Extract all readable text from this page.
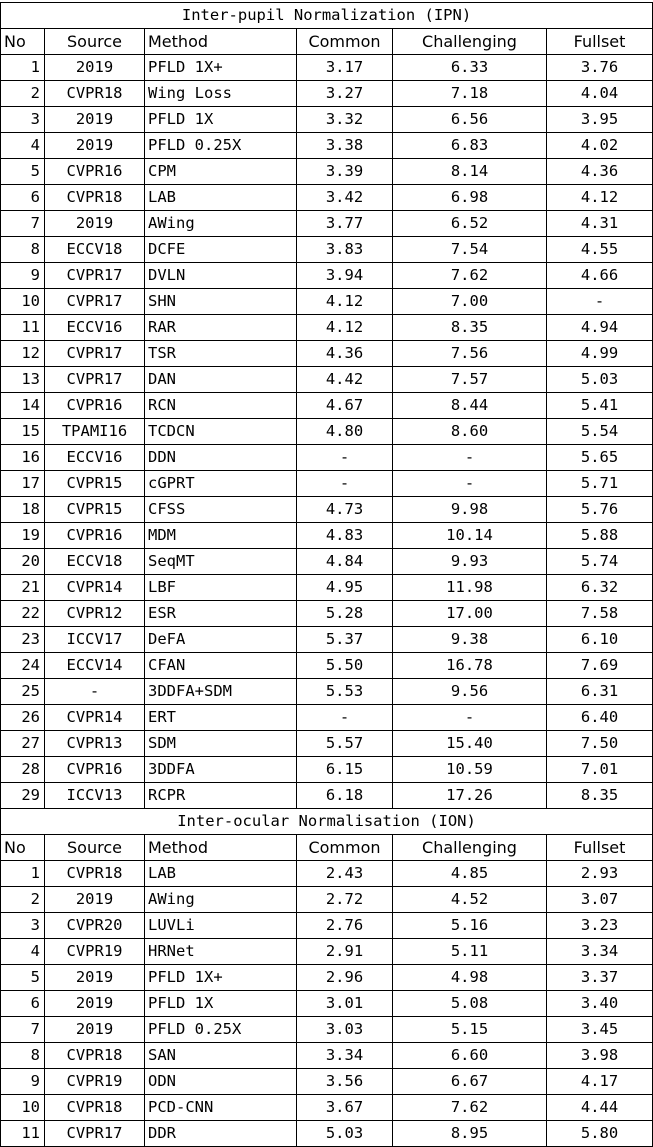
Inter-pupil Normalization (IPN)					
No	Source	Method	Common	Challenging	Fullset
1	2019	PFLD 1X+	3.17	6.33	3.76
2	CVPR18	Wing Loss	3.27	7.18	4.04
3	2019	PFLD 1X	3.32	6.56	3.95
4	2019	PFLD 0.25X	3.38	6.83	4.02
5	CVPR16	CPM	3.39	8.14	4.36
6	CVPR18	LAB	3.42	6.98	4.12
7	2019	AWing	3.77	6.52	4.31
8	ECCV18	DCFE	3.83	7.54	4.55
9	CVPR17	DVLN	3.94	7.62	4.66
10	CVPR17	SHN	4.12	7.00	-
11	ECCV16	RAR	4.12	8.35	4.94
12	CVPR17	TSR	4.36	7.56	4.99
13	CVPR17	DAN	4.42	7.57	5.03
14	CVPR16	RCN	4.67	8.44	5.41
15	TPAMI16	TCDCN	4.80	8.60	5.54
16	ECCV16	DDN	-	-	5.65
17	CVPR15	cGPRT	-	-	5.71
18	CVPR15	CFSS	4.73	9.98	5.76
19	CVPR16	MDM	4.83	10.14	5.88
20	ECCV18	SeqMT	4.84	9.93	5.74
21	CVPR14	LBF	4.95	11.98	6.32
22	CVPR12	ESR	5.28	17.00	7.58
23	ICCV17	DeFA	5.37	9.38	6.10
24	ECCV14	CFAN	5.50	16.78	7.69
25	-	3DDFA+SDM	5.53	9.56	6.31
26	CVPR14	ERT	-	-	6.40
27	CVPR13	SDM	5.57	15.40	7.50
28	CVPR16	3DDFA	6.15	10.59	7.01
29	ICCV13	RCPR	6.18	17.26	8.35
Inter-ocular Normalisation (ION)					
No	Source	Method	Common	Challenging	Fullset
1	CVPR18	LAB	2.43	4.85	2.93
2	2019	AWing	2.72	4.52	3.07
3	CVPR20	LUVLi	2.76	5.16	3.23
4	CVPR19	HRNet	2.91	5.11	3.34
5	2019	PFLD 1X+	2.96	4.98	3.37
6	2019	PFLD 1X	3.01	5.08	3.40
7	2019	PFLD 0.25X	3.03	5.15	3.45
8	CVPR18	SAN	3.34	6.60	3.98
9	CVPR19	ODN	3.56	6.67	4.17
10	CVPR18	PCD-CNN	3.67	7.62	4.44
11	CVPR17	DDR	5.03	8.95	5.80
